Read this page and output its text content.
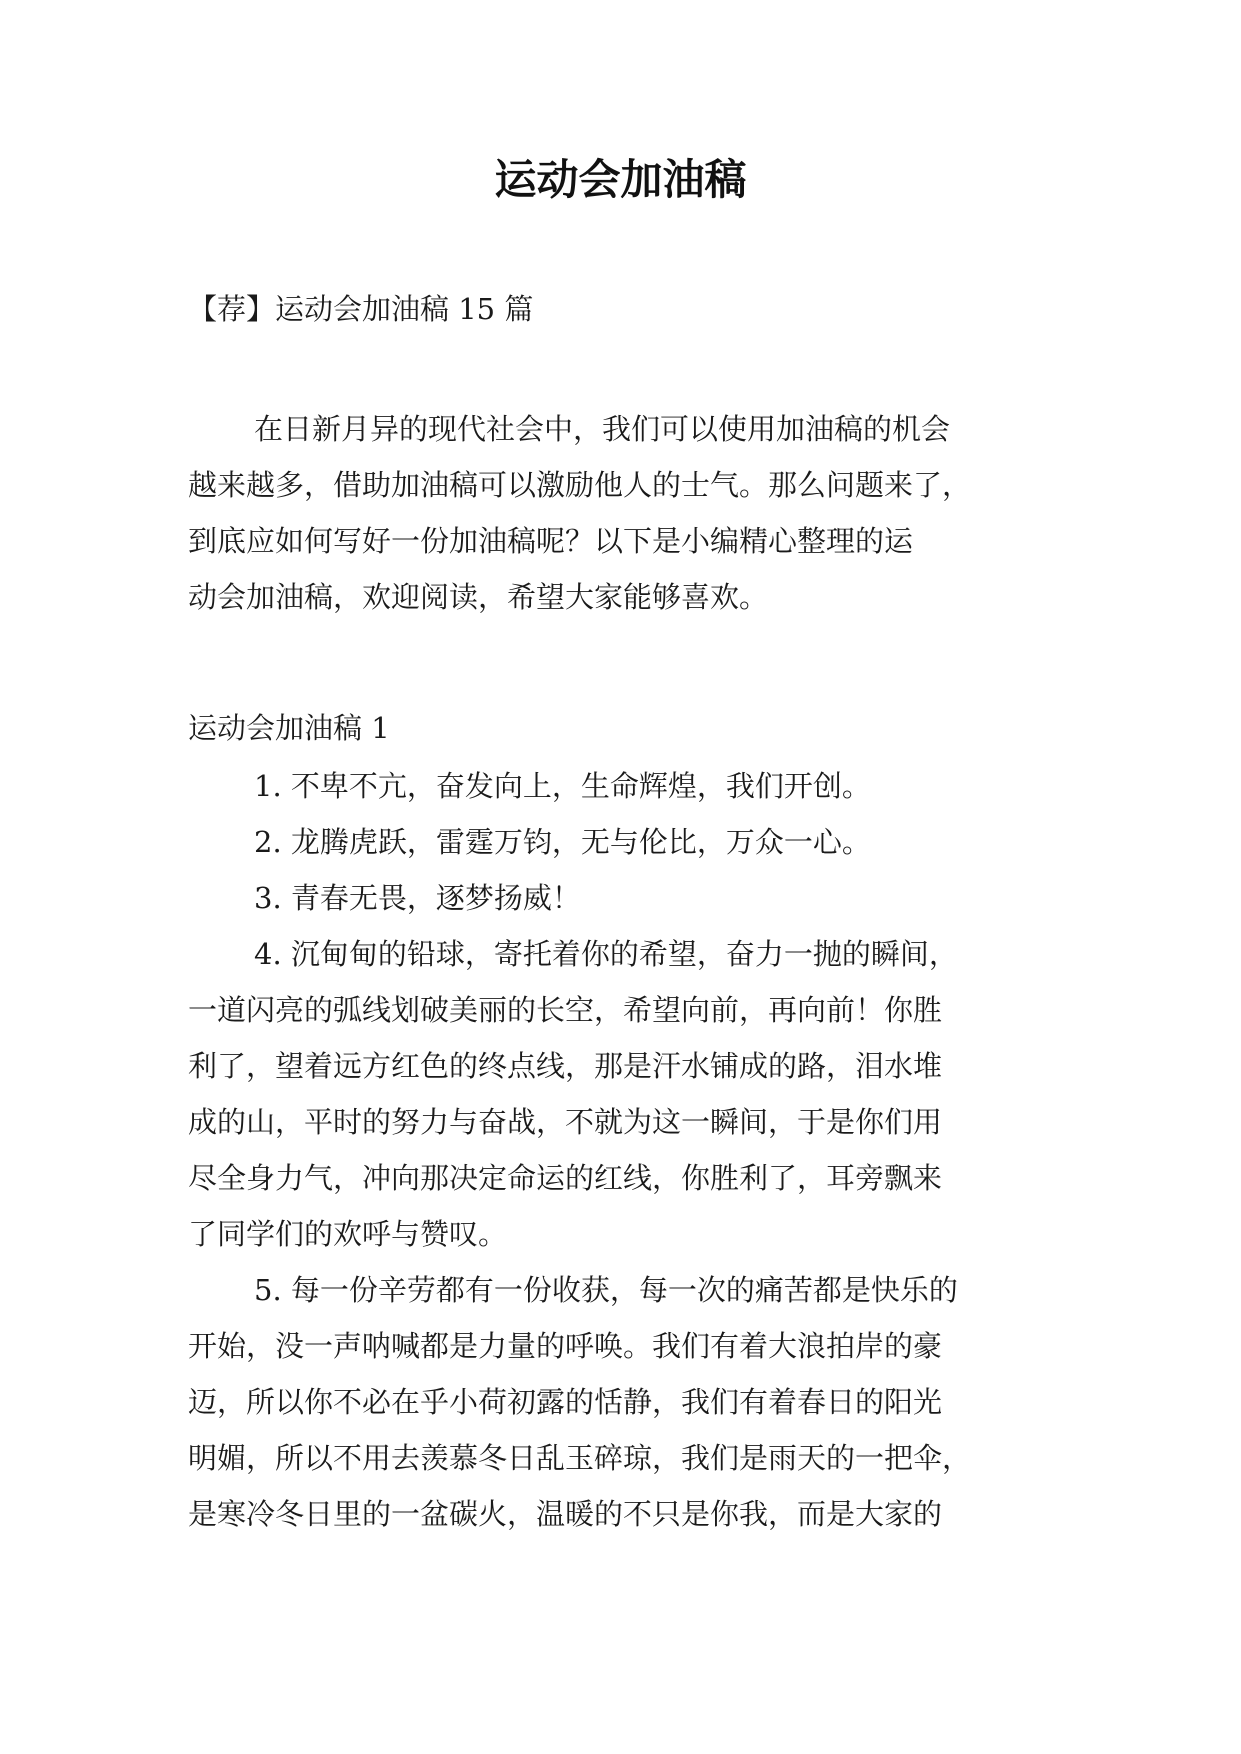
运动会加油稿
【荐】运动会加油稿 15 篇
在日新月异的现代社会中，我们可以使用加油稿的机会
越来越多，借助加油稿可以激励他人的士气。那么问题来了，
到底应如何写好一份加油稿呢？以下是小编精心整理的运
动会加油稿，欢迎阅读，希望大家能够喜欢。
运动会加油稿 1
1. 不卑不亢，奋发向上，生命辉煌，我们开创。
2. 龙腾虎跃，雷霆万钧，无与伦比，万众一心。
3. 青春无畏，逐梦扬威！
4. 沉甸甸的铅球，寄托着你的希望，奋力一抛的瞬间，
一道闪亮的弧线划破美丽的长空，希望向前，再向前！你胜
利了，望着远方红色的终点线，那是汗水铺成的路，泪水堆
成的山，平时的努力与奋战，不就为这一瞬间，于是你们用
尽全身力气，冲向那决定命运的红线，你胜利了，耳旁飘来
了同学们的欢呼与赞叹。
5. 每一份辛劳都有一份收获，每一次的痛苦都是快乐的
开始，没一声呐喊都是力量的呼唤。我们有着大浪拍岸的豪
迈，所以你不必在乎小荷初露的恬静，我们有着春日的阳光
明媚，所以不用去羡慕冬日乱玉碎琼，我们是雨天的一把伞，
是寒冷冬日里的一盆碳火，温暖的不只是你我，而是大家的
